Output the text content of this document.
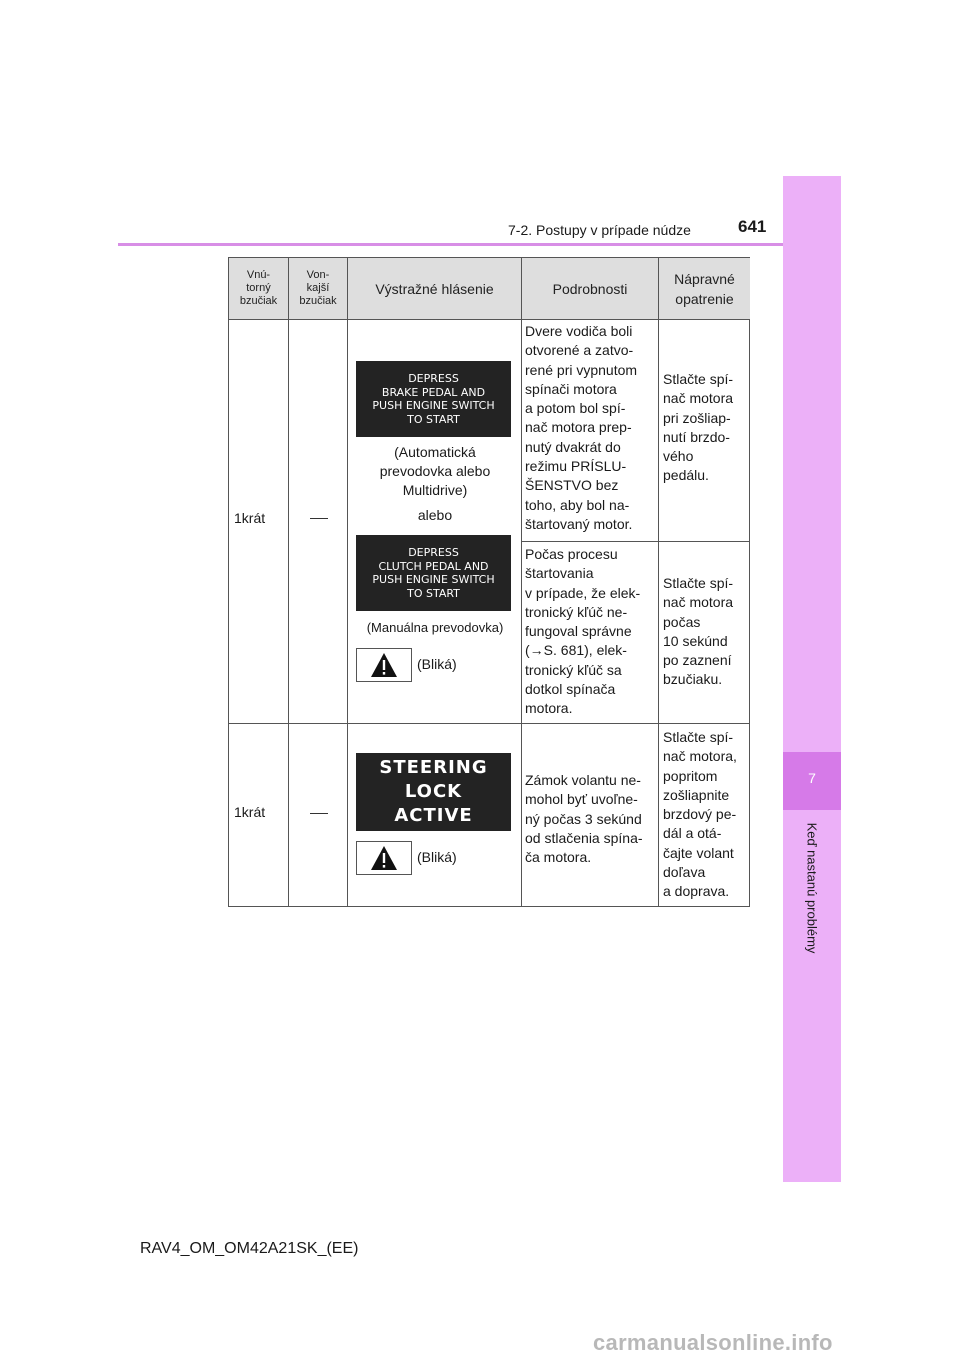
7-2. Postupy v prípade núdze	641
7
Keď nastanú problémy
Vnú-
torný
bzučiak
Von-
kajší
bzučiak
Výstražné hlásenie	Podrobnosti
Nápravné
opatrenie
1krát
DEPRESS
BRAKE PEDAL AND
PUSH ENGINE SWITCH
TO START
(Automatická
prevodovka alebo
Multidrive)
alebo
DEPRESS
CLUTCH PEDAL AND
PUSH ENGINE SWITCH
TO START
(Manuálna prevodovka)
(Bliká)
Dvere vodiča boli
otvorené a zatvo-
rené pri vypnutom
spínači motora
a potom bol spí-
nač motora prep-
nutý dvakrát do
režimu PRÍSLU-
ŠENSTVO bez
toho, aby bol na-
štartovaný motor.
Stlačte spí-
nač motora
pri zošliap-
nutí brzdo-
vého
pedálu.
Počas procesu
štartovania
v prípade, že elek-
tronický kľúč ne-
fungoval správne
(→S. 681), elek-
tronický kľúč sa
dotkol spínača
motora.
Stlačte spí-
nač motora
počas
10 sekúnd
po zaznení
bzučiaku.
1krát
STEERING LOCK
ACTIVE
(Bliká)
Zámok volantu ne-
mohol byť uvoľne-
ný počas 3 sekúnd
od stlačenia spína-
ča motora.
Stlačte spí-
nač motora,
popritom
zošliapnite
brzdový pe-
dál a otá-
čajte volant
doľava
a doprava.
RAV4_OM_OM42A21SK_(EE)
carmanualsonline.info
